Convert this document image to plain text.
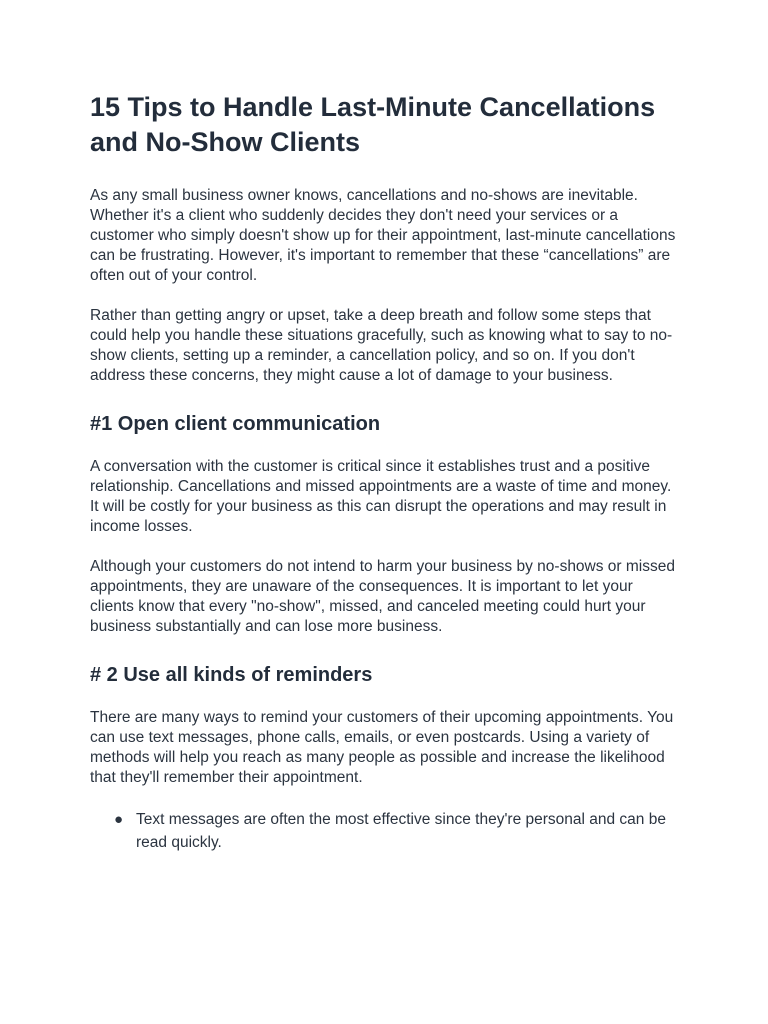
15 Tips to Handle Last-Minute Cancellations and No-Show Clients

As any small business owner knows, cancellations and no-shows are inevitable. Whether it's a client who suddenly decides they don't need your services or a customer who simply doesn't show up for their appointment, last-minute cancellations can be frustrating. However, it's important to remember that these “cancellations” are often out of your control.

Rather than getting angry or upset, take a deep breath and follow some steps that could help you handle these situations gracefully, such as knowing what to say to no-show clients, setting up a reminder, a cancellation policy, and so on. If you don't address these concerns, they might cause a lot of damage to your business.

#1 Open client communication

A conversation with the customer is critical since it establishes trust and a positive relationship. Cancellations and missed appointments are a waste of time and money. It will be costly for your business as this can disrupt the operations and may result in income losses.

Although your customers do not intend to harm your business by no-shows or missed appointments, they are unaware of the consequences. It is important to let your clients know that every "no-show", missed, and canceled meeting could hurt your business substantially and can lose more business.

# 2 Use all kinds of reminders

There are many ways to remind your customers of their upcoming appointments. You can use text messages, phone calls, emails, or even postcards. Using a variety of methods will help you reach as many people as possible and increase the likelihood that they'll remember their appointment.

● Text messages are often the most effective since they're personal and can be read quickly.
